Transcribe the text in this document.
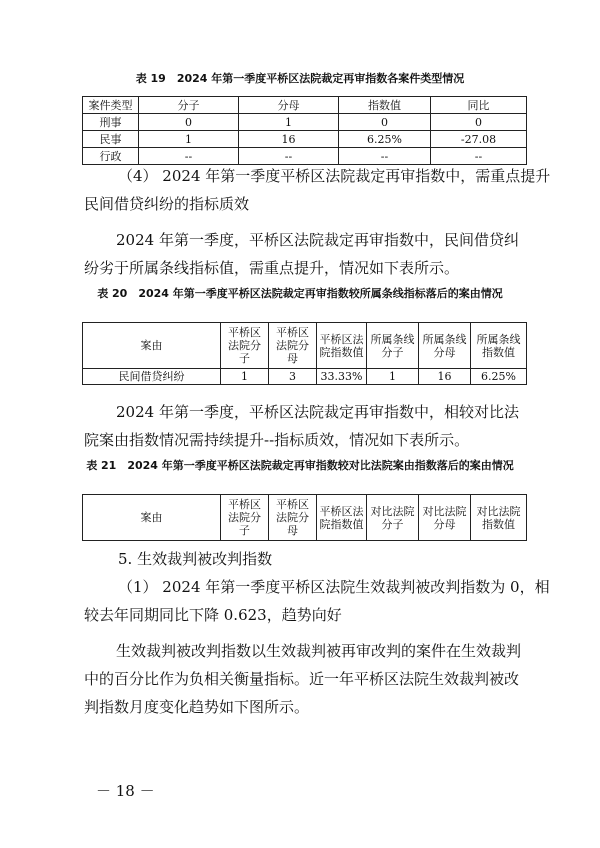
表 19　2024 年第一季度平桥区法院裁定再审指数各案件类型情况
案件类型	分子	分母	指数值	同比
刑事	0	1	0	0
民事	1	16	6.25%	-27.08
行政	--	--	--	--

（4） 2024 年第一季度平桥区法院裁定再审指数中，需重点提升

民间借贷纠纷的指标质效

2024 年第一季度，平桥区法院裁定再审指数中，民间借贷纠纷劣于所属条线指标值，需重点提升，情况如下表所示。

表 20　2024 年第一季度平桥区法院裁定再审指数较所属条线指标落后的案由情况
案由	平桥区法院分子	平桥区法院分母	平桥区法院指数值	所属条线分子	所属条线分母	所属条线指数值
民间借贷纠纷	1	3	33.33%	1	16	6.25%

2024 年第一季度，平桥区法院裁定再审指数中，相较对比法院案由指数情况需持续提升--指标质效，情况如下表所示。

表 21　2024 年第一季度平桥区法院裁定再审指数较对比法院案由指数落后的案由情况
案由	平桥区法院分子	平桥区法院分母	平桥区法院指数值	对比法院分子	对比法院分母	对比法院指数值

5. 生效裁判被改判指数

（1） 2024 年第一季度平桥区法院生效裁判被改判指数为 0，相

较去年同期同比下降 0.623，趋势向好

生效裁判被改判指数以生效裁判被再审改判的案件在生效裁判中的百分比作为负相关衡量指标。近一年平桥区法院生效裁判被改判指数月度变化趋势如下图所示。

－ 18 －
